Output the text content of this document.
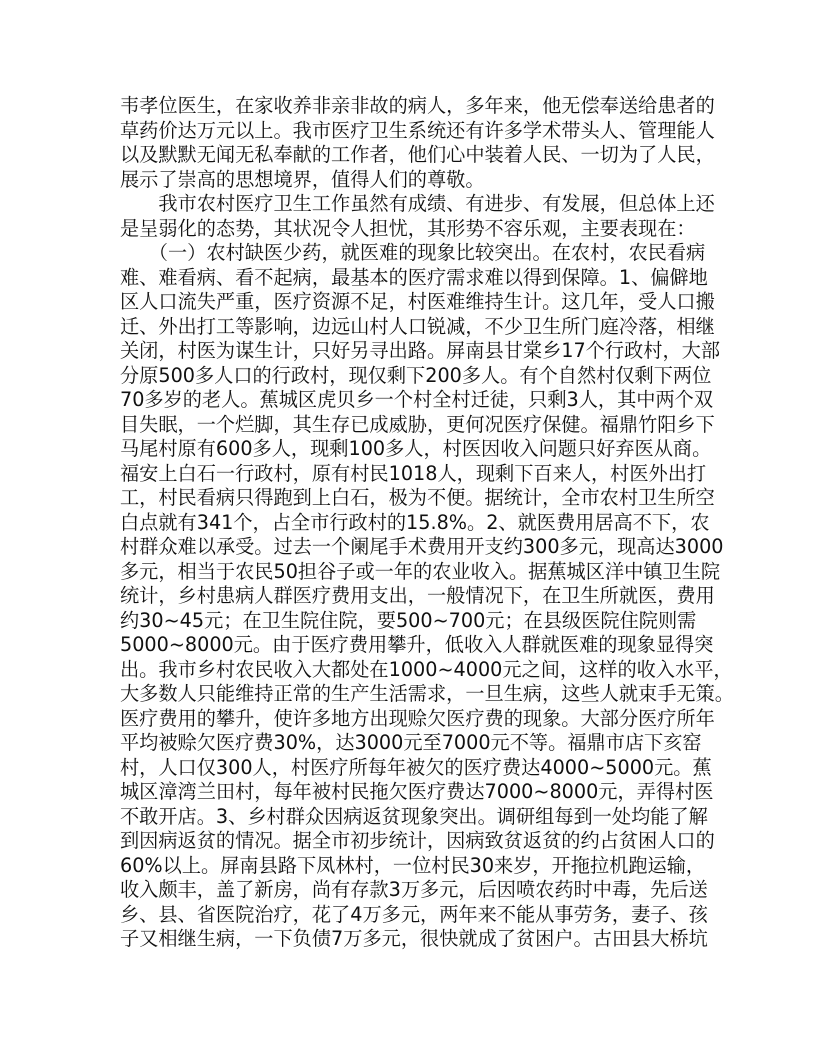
韦孝位医生，在家收养非亲非故的病人，多年来，他无偿奉送给患者的
草药价达万元以上。我市医疗卫生系统还有许多学术带头人、管理能人
以及默默无闻无私奉献的工作者，他们心中装着人民、一切为了人民，
展示了崇高的思想境界，值得人们的尊敬。
　　我市农村医疗卫生工作虽然有成绩、有进步、有发展，但总体上还
是呈弱化的态势，其状况令人担忧，其形势不容乐观，主要表现在：
　　（一）农村缺医少药，就医难的现象比较突出。在农村，农民看病
难、难看病、看不起病，最基本的医疗需求难以得到保障。1、偏僻地
区人口流失严重，医疗资源不足，村医难维持生计。这几年，受人口搬
迁、外出打工等影响，边远山村人口锐减，不少卫生所门庭冷落，相继
关闭，村医为谋生计，只好另寻出路。屏南县甘棠乡17个行政村，大部
分原500多人口的行政村，现仅剩下200多人。有个自然村仅剩下两位
70多岁的老人。蕉城区虎贝乡一个村全村迁徒，只剩3人，其中两个双
目失眠，一个烂脚，其生存已成威胁，更何况医疗保健。福鼎竹阳乡下
马尾村原有600多人，现剩100多人，村医因收入问题只好弃医从商。
福安上白石一行政村，原有村民1018人，现剩下百来人，村医外出打
工，村民看病只得跑到上白石，极为不便。据统计，全市农村卫生所空
白点就有341个，占全市行政村的15.8%。2、就医费用居高不下，农
村群众难以承受。过去一个阑尾手术费用开支约300多元，现高达3000
多元，相当于农民50担谷子或一年的农业收入。据蕉城区洋中镇卫生院
统计，乡村患病人群医疗费用支出，一般情况下，在卫生所就医，费用
约30~45元；在卫生院住院，要500~700元；在县级医院住院则需
5000~8000元。由于医疗费用攀升，低收入人群就医难的现象显得突
出。我市乡村农民收入大都处在1000~4000元之间，这样的收入水平，
大多数人只能维持正常的生产生活需求，一旦生病，这些人就束手无策。
医疗费用的攀升，使许多地方出现赊欠医疗费的现象。大部分医疗所年
平均被赊欠医疗费30%，达3000元至7000元不等。福鼎市店下亥窑
村，人口仅300人，村医疗所每年被欠的医疗费达4000~5000元。蕉
城区漳湾兰田村，每年被村民拖欠医疗费达7000~8000元，弄得村医
不敢开店。3、乡村群众因病返贫现象突出。调研组每到一处均能了解
到因病返贫的情况。据全市初步统计，因病致贫返贫的约占贫困人口的
60%以上。屏南县路下凤林村，一位村民30来岁，开拖拉机跑运输，
收入颇丰，盖了新房，尚有存款3万多元，后因喷农药时中毒，先后送
乡、县、省医院治疗，花了4万多元，两年来不能从事劳务，妻子、孩
子又相继生病，一下负债7万多元，很快就成了贫困户。古田县大桥坑
